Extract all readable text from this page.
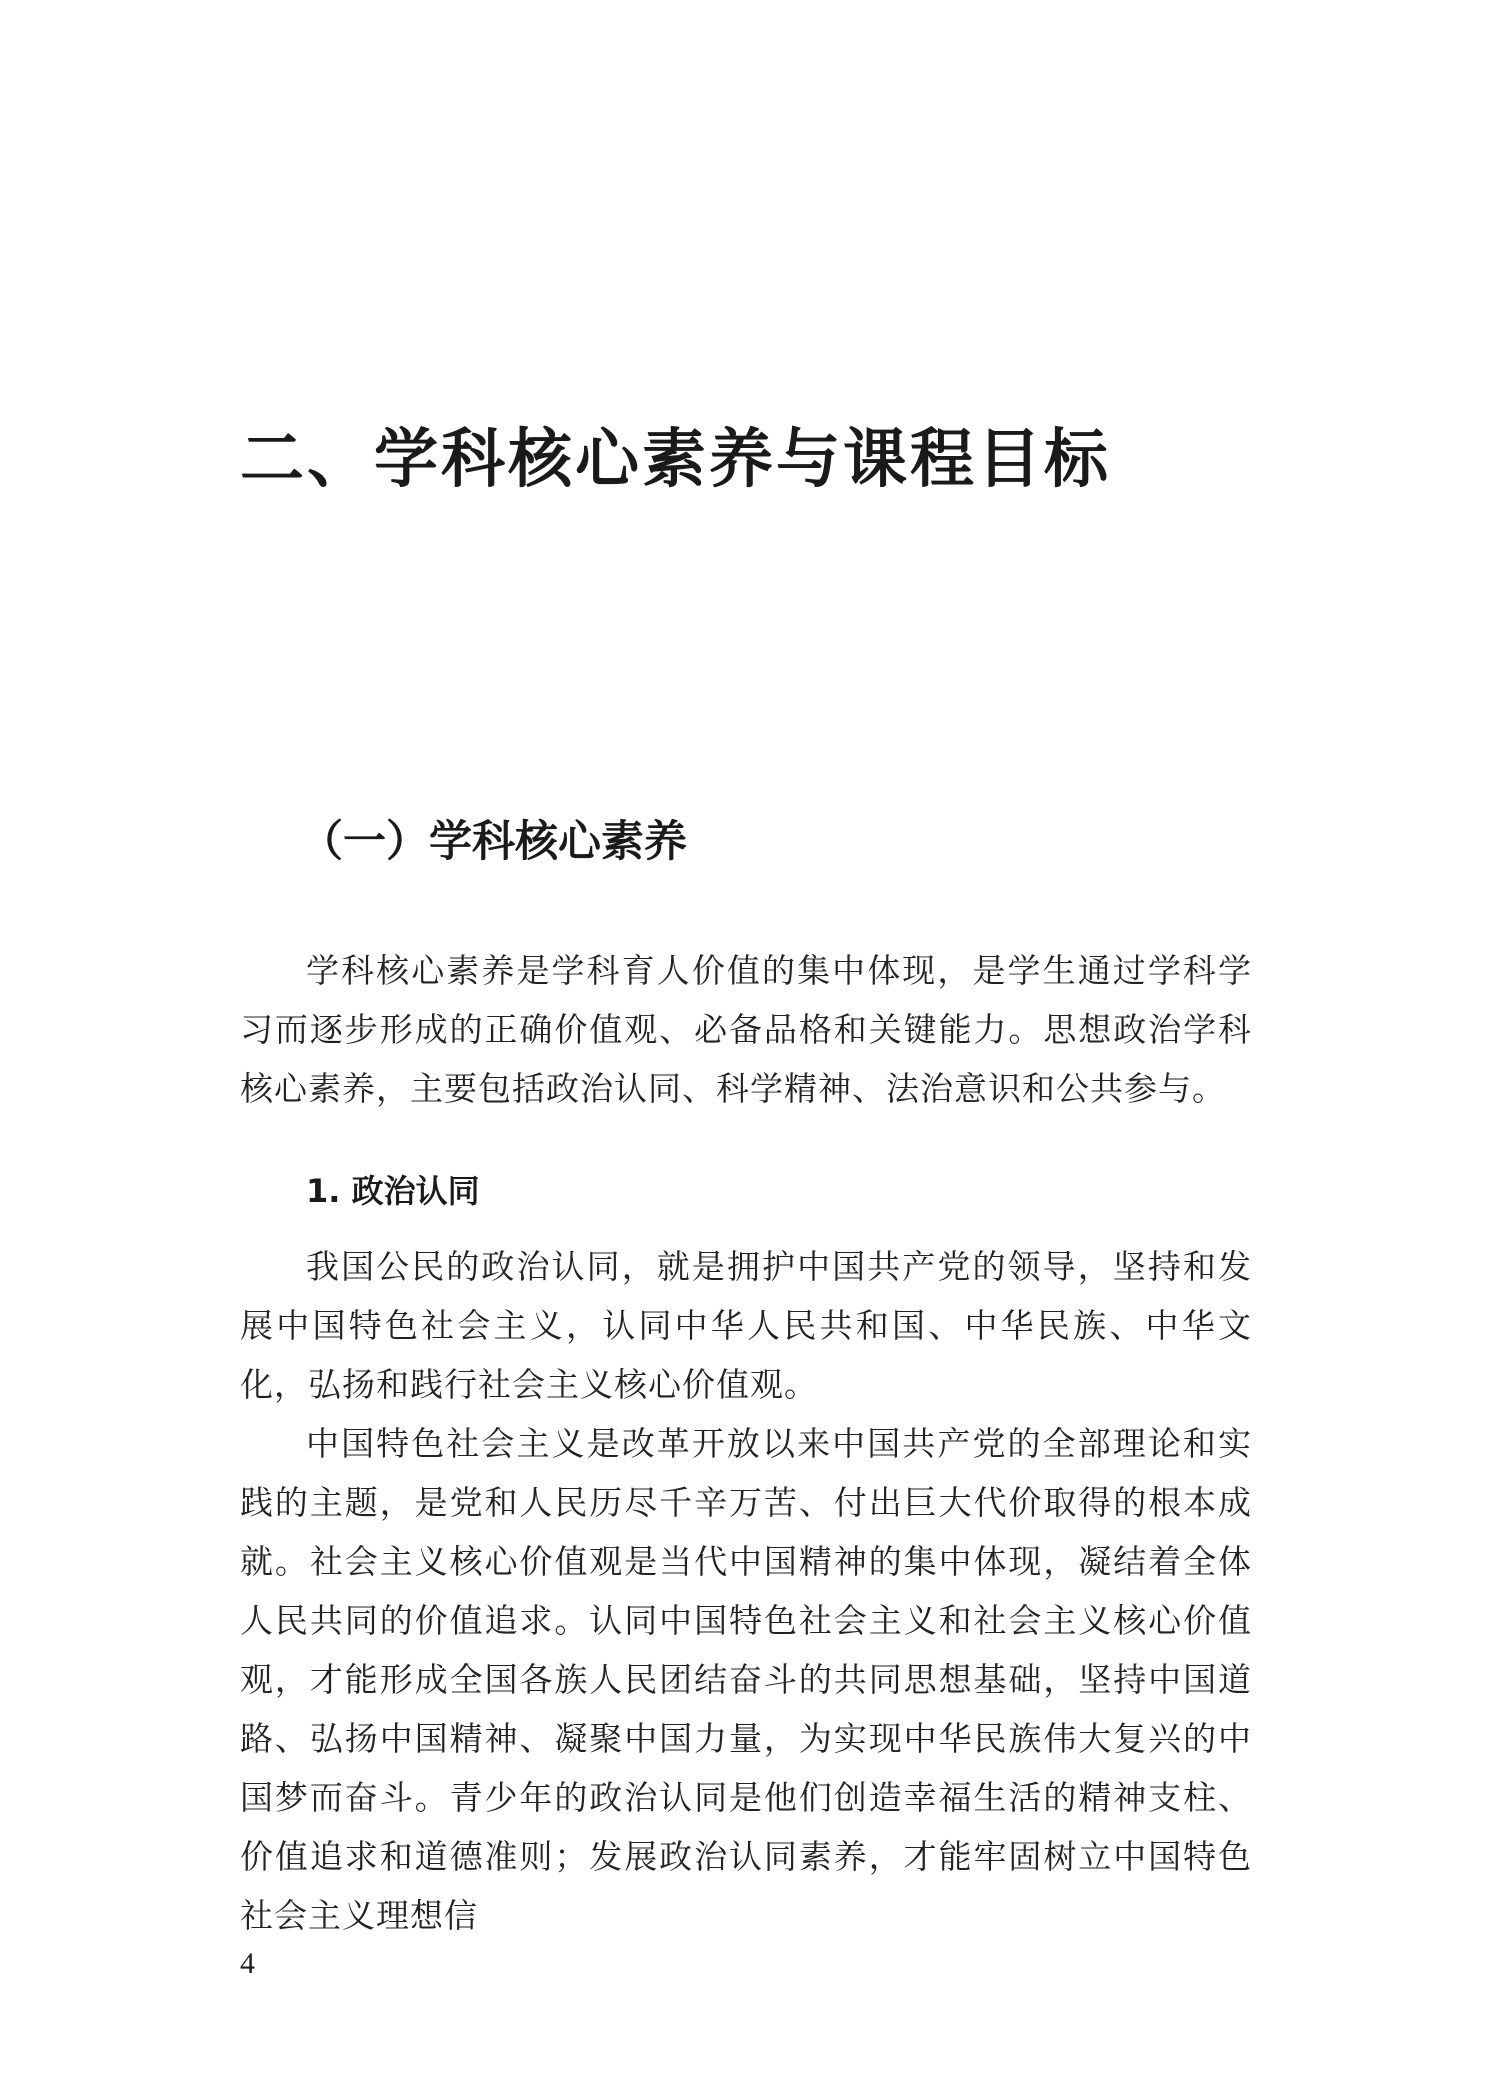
二、学科核心素养与课程目标
（一）学科核心素养

学科核心素养是学科育人价值的集中体现，是学生通过学科学习而逐步形成的正确价值观、必备品格和关键能力。思想政治学科核心素养，主要包括政治认同、科学精神、法治意识和公共参与。

1. 政治认同

我国公民的政治认同，就是拥护中国共产党的领导，坚持和发展中国特色社会主义，认同中华人民共和国、中华民族、中华文化，弘扬和践行社会主义核心价值观。

中国特色社会主义是改革开放以来中国共产党的全部理论和实践的主题，是党和人民历尽千辛万苦、付出巨大代价取得的根本成就。社会主义核心价值观是当代中国精神的集中体现，凝结着全体人民共同的价值追求。认同中国特色社会主义和社会主义核心价值观，才能形成全国各族人民团结奋斗的共同思想基础，坚持中国道路、弘扬中国精神、凝聚中国力量，为实现中华民族伟大复兴的中国梦而奋斗。青少年的政治认同是他们创造幸福生活的精神支柱、价值追求和道德准则；发展政治认同素养，才能牢固树立中国特色社会主义理想信

4
